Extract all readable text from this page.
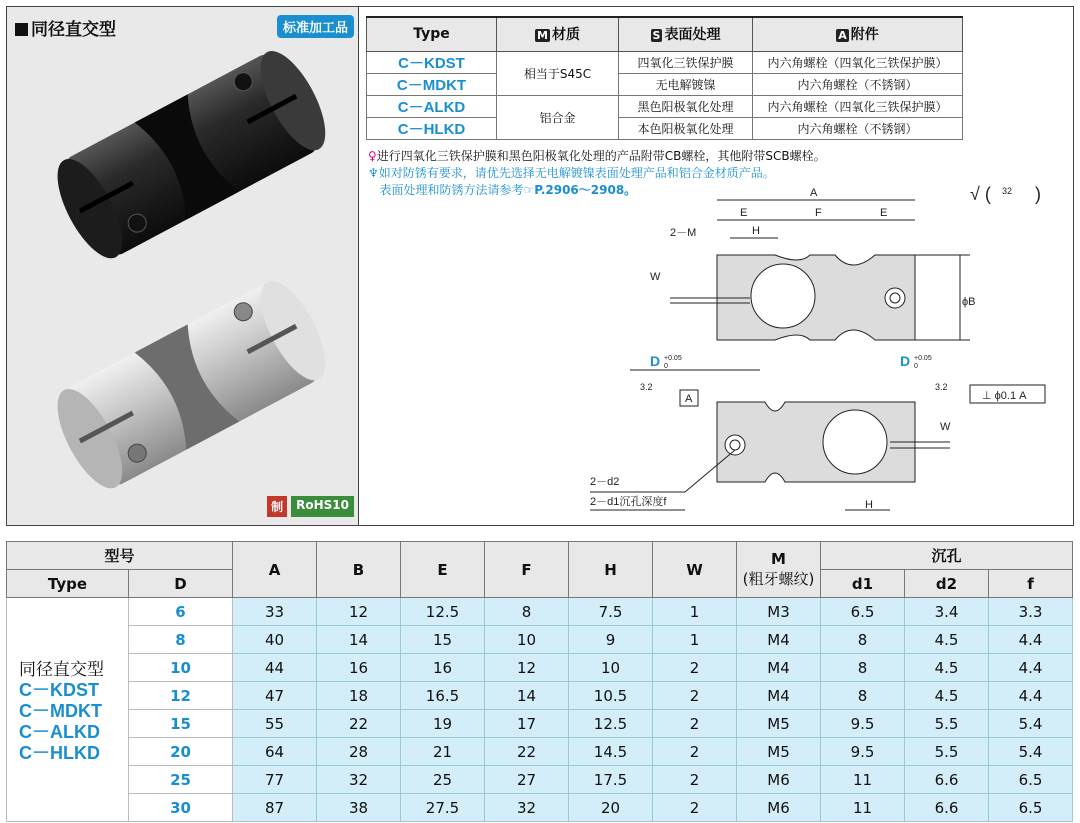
同径直交型	标准加工品
制	RoHS10
Type	M 材质	S 表面处理	A 附件
C－KDST	相当于S45C	四氧化三铁保护膜	内六角螺栓（四氧化三铁保护膜）
C－MDKT		无电解镀镍	内六角螺栓（不锈钢）
C－ALKD	铝合金	黑色阳极氧化处理	内六角螺栓（四氧化三铁保护膜）
C－HLKD		本色阳极氧化处理	内六角螺栓（不锈钢）
♀进行四氧化三铁保护膜和黑色阳极氧化处理的产品附带CB螺栓，其他附带SCB螺栓。
♆如对防锈有要求，请优先选择无电解镀镍表面处理产品和铝合金材质产品。
表面处理和防锈方法请参考☞P.2906～2908。	A
E	F	E
H
2－M
W
ϕB
D +0.05
0
3.2
A
D +0.05
0
3.2
⊥ ϕ0.1 A
W
2－d2
2－d1沉孔深度f	H
√ ( 32 )
型号		A	B	E	F	H	W	M
(粗牙螺纹)	沉孔		
Type	D								d1	d2	f

同径直交型
C－KDST
C－MDKT
C－ALKD
C－HLKD	6	33	12	12.5	8	7.5	1	M3	6.5	3.4	3.3
	8	40	14	15	10	9	1	M4	8	4.5	4.4
	10	44	16	16	12	10	2	M4	8	4.5	4.4
	12	47	18	16.5	14	10.5	2	M4	8	4.5	4.4
	15	55	22	19	17	12.5	2	M5	9.5	5.5	5.4
	20	64	28	21	22	14.5	2	M5	9.5	5.5	5.4
	25	77	32	25	27	17.5	2	M6	11	6.6	6.5
	30	87	38	27.5	32	20	2	M6	11	6.6	6.5
